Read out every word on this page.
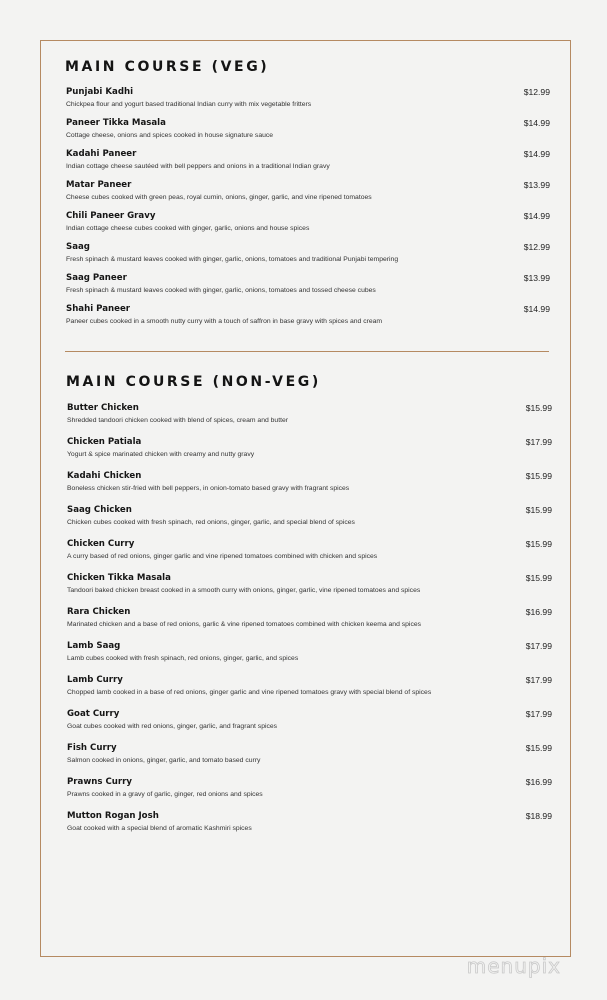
MAIN COURSE (VEG)
Punjabi Kadhi	$12.99
Chickpea flour and yogurt based traditional Indian curry with mix vegetable fritters
Paneer Tikka Masala	$14.99
Cottage cheese, onions and spices cooked in house signature sauce
Kadahi Paneer	$14.99
Indian cottage cheese sautéed with bell peppers and onions in a traditional Indian gravy
Matar Paneer	$13.99
Cheese cubes cooked with green peas, royal cumin, onions, ginger, garlic, and vine ripened tomatoes
Chili Paneer Gravy	$14.99
Indian cottage cheese cubes cooked with ginger, garlic, onions and house spices
Saag	$12.99
Fresh spinach & mustard leaves cooked with ginger, garlic, onions, tomatoes and traditional Punjabi tempering
Saag Paneer	$13.99
Fresh spinach & mustard leaves cooked with ginger, garlic, onions, tomatoes and tossed cheese cubes
Shahi Paneer	$14.99
Paneer cubes cooked in a smooth nutty curry with a touch of saffron in base gravy with spices and cream
MAIN COURSE (NON-VEG)
Butter Chicken	$15.99
Shredded tandoori chicken cooked with blend of spices, cream and butter
Chicken Patiala	$17.99
Yogurt & spice marinated chicken with creamy and nutty gravy
Kadahi Chicken	$15.99
Boneless chicken stir-fried with bell peppers, in onion-tomato based gravy with fragrant spices
Saag Chicken	$15.99
Chicken cubes cooked with fresh spinach, red onions, ginger, garlic, and special blend of spices
Chicken Curry	$15.99
A curry based of red onions, ginger garlic and vine ripened tomatoes combined with chicken and spices
Chicken Tikka Masala	$15.99
Tandoori baked chicken breast cooked in a smooth curry with onions, ginger, garlic, vine ripened tomatoes and spices
Rara Chicken	$16.99
Marinated chicken and a base of red onions, garlic & vine ripened tomatoes combined with chicken keema and spices
Lamb Saag	$17.99
Lamb cubes cooked with fresh spinach, red onions, ginger, garlic, and spices
Lamb Curry	$17.99
Chopped lamb cooked in a base of red onions, ginger garlic and vine ripened tomatoes gravy with special blend of spices
Goat Curry	$17.99
Goat cubes cooked with red onions, ginger, garlic, and fragrant spices
Fish Curry	$15.99
Salmon cooked in onions, ginger, garlic, and tomato based curry
Prawns Curry	$16.99
Prawns cooked in a gravy of garlic, ginger, red onions and spices
Mutton Rogan Josh	$18.99
Goat cooked with a special blend of aromatic Kashmiri spices
menupix
